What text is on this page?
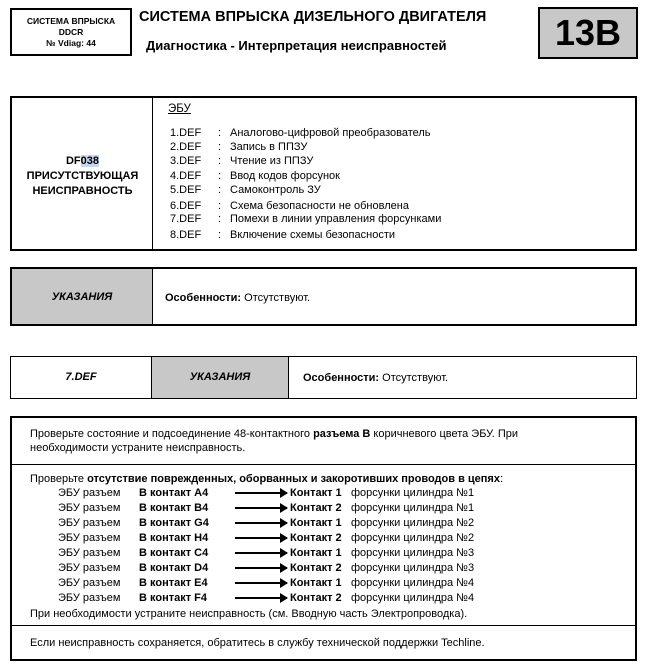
СИСТЕМА ВПРЫСКА
DDCR
№ Vdiag: 44
СИСТЕМА ВПРЫСКА ДИЗЕЛЬНОГО ДВИГАТЕЛЯ
Диагностика - Интерпретация неисправностей	13B
DF038
ПРИСУТСТВУЮЩАЯ
НЕИСПРАВНОСТЬ
ЭБУ
1.DEF : Аналогово-цифровой преобразователь
2.DEF : Запись в ППЗУ
3.DEF : Чтение из ППЗУ
4.DEF : Ввод кодов форсунок
5.DEF : Самоконтроль ЗУ
6.DEF : Схема безопасности не обновлена
7.DEF : Помехи в линии управления форсунками
8.DEF : Включение схемы безопасности
УКАЗАНИЯ	Особенности: Отсутствуют.
7.DEF	УКАЗАНИЯ	Особенности: Отсутствуют.
Проверьте состояние и подсоединение 48-контактного разъема В коричневого цвета ЭБУ. При
необходимости устраните неисправность.
Проверьте отсутствие поврежденных, оборванных и закоротивших проводов в цепях:
ЭБУ разъем В контакт А4	Контакт 1 форсунки цилиндра №1
ЭБУ разъем В контакт В4	Контакт 2 форсунки цилиндра №1
ЭБУ разъем В контакт G4	Контакт 1 форсунки цилиндра №2
ЭБУ разъем В контакт H4	Контакт 2 форсунки цилиндра №2
ЭБУ разъем В контакт С4	Контакт 1 форсунки цилиндра №3
ЭБУ разъем В контакт D4	Контакт 2 форсунки цилиндра №3
ЭБУ разъем В контакт Е4	Контакт 1 форсунки цилиндра №4
ЭБУ разъем В контакт F4	Контакт 2 форсунки цилиндра №4
При необходимости устраните неисправность (см. Вводную часть Электропроводка).
Если неисправность сохраняется, обратитесь в службу технической поддержки Techline.
